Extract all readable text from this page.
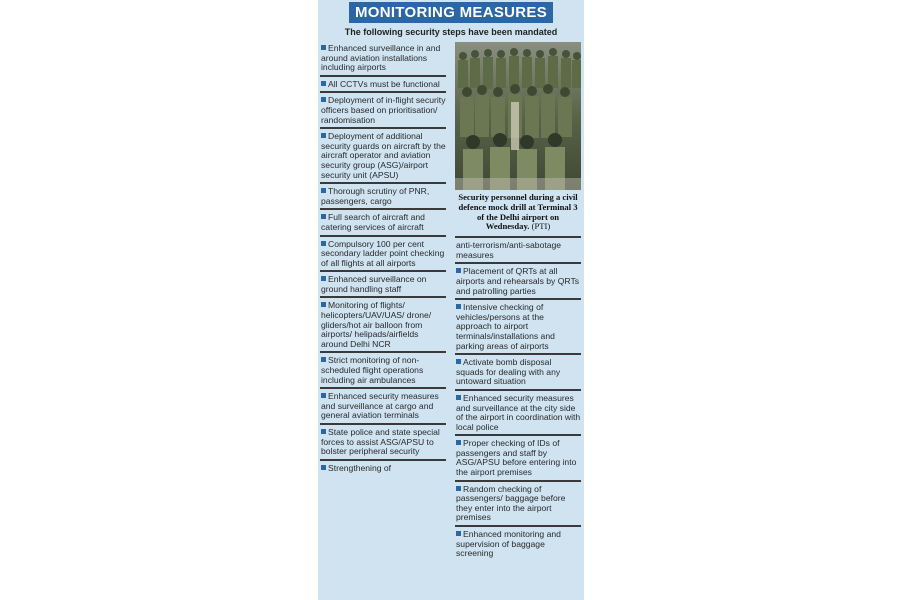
MONITORING MEASURES
The following security steps have been mandated
Enhanced surveillance in and around aviation installations including airports
All CCTVs must be functional
Deployment of in-flight security officers based on prioritisation/ randomisation
Deployment of additional security guards on aircraft by the aircraft operator and aviation security group (ASG)/airport security unit (APSU)
Thorough scrutiny of PNR, passengers, cargo
Full search of aircraft and catering services of aircraft
Compulsory 100 per cent secondary ladder point checking of all flights at all airports
Enhanced surveillance on ground handling staff
Monitoring of flights/ helicopters/UAV/UAS/ drone/ gliders/hot air balloon from airports/ helipads/airfields around Delhi NCR
Strict monitoring of non-scheduled flight operations including air ambulances
Enhanced security measures and surveillance at cargo and general aviation terminals
State police and state special forces to assist ASG/APSU to bolster peripheral security
Strengthening of
Security personnel during a civil defence mock drill at Terminal 3 of the Delhi airport on Wednesday. (PTI)
anti-terrorism/anti-sabotage measures
Placement of QRTs at all airports and rehearsals by QRTs and patrolling parties
Intensive checking of vehicles/persons at the approach to airport terminals/installations and parking areas of airports
Activate bomb disposal squads for dealing with any untoward situation
Enhanced security measures and surveillance at the city side of the airport in coordination with local police
Proper checking of IDs of passengers and staff by ASG/APSU before entering into the airport premises
Random checking of passengers/ baggage before they enter into the airport premises
Enhanced monitoring and supervision of baggage screening
